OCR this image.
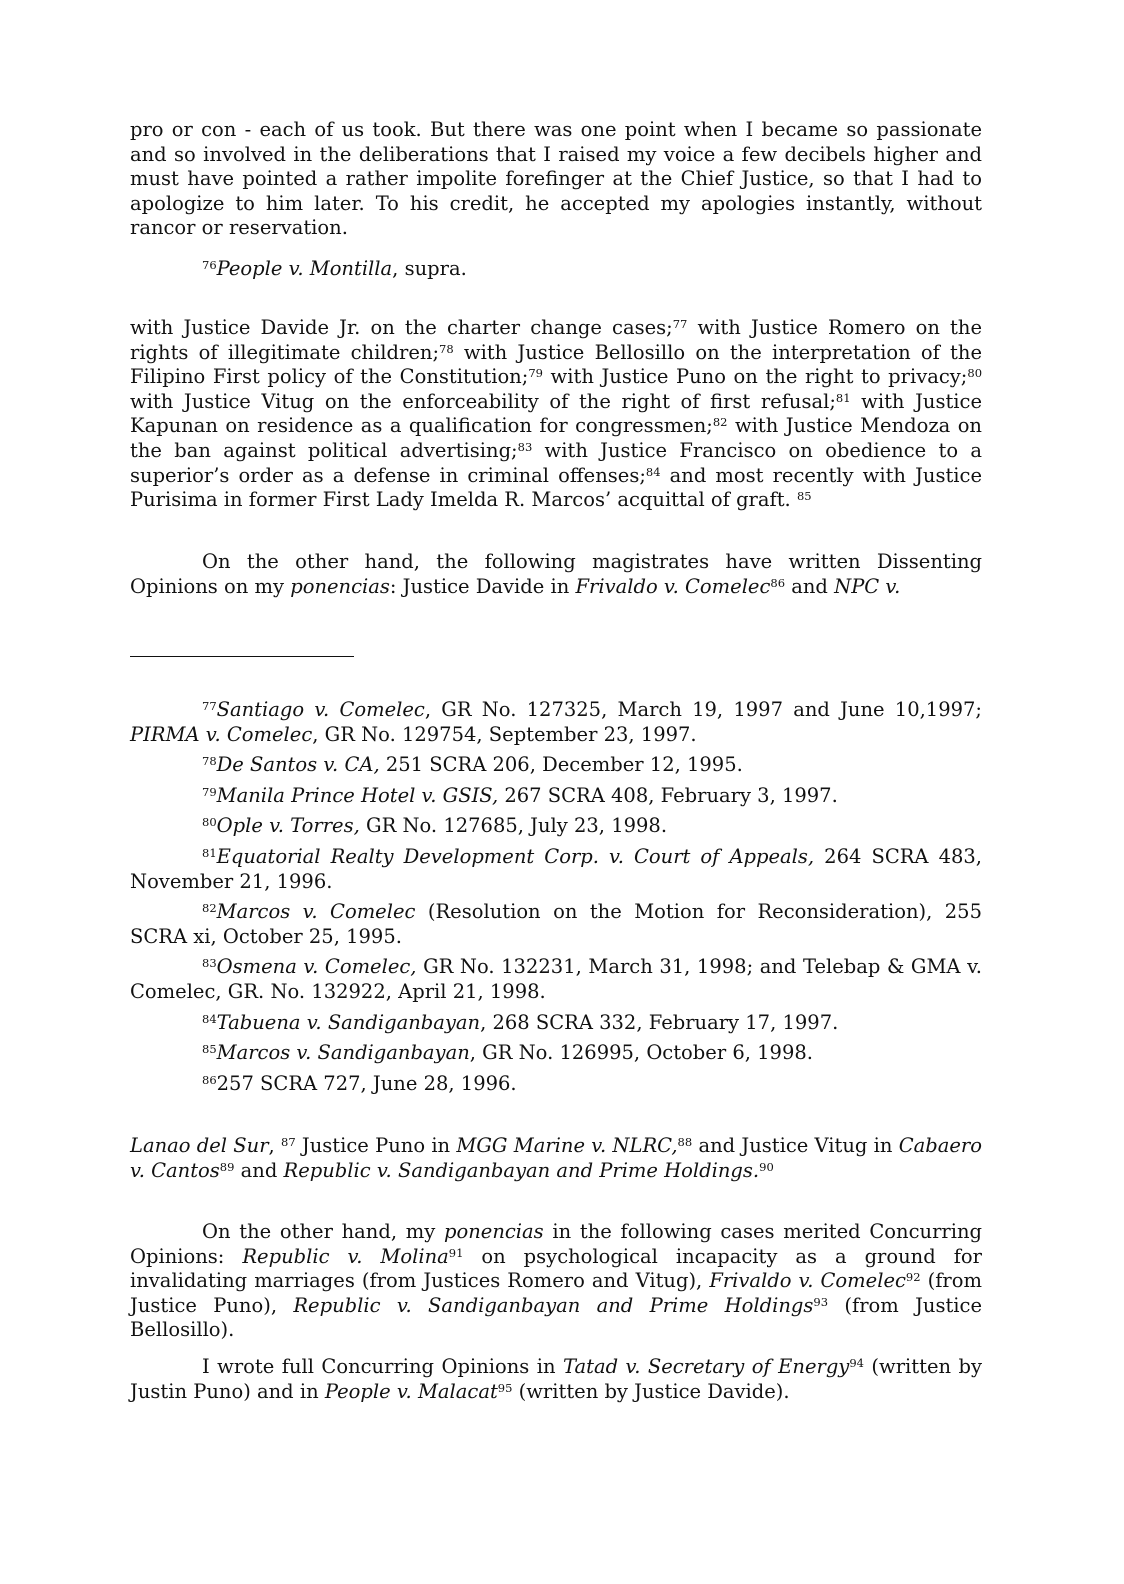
pro or con - each of us took. But there was one point when I became so passionate and so involved in the deliberations that I raised my voice a few decibels higher and must have pointed a rather impolite forefinger at the Chief Justice, so that I had to apologize to him later. To his credit, he accepted my apologies instantly, without rancor or reservation.

$^{76}$People v. Montilla, supra.

with Justice Davide Jr. on the charter change cases;$^{77}$ with Justice Romero on the rights of illegitimate children;$^{78}$ with Justice Bellosillo on the interpretation of the Filipino First policy of the Constitution;$^{79}$ with Justice Puno on the right to privacy;$^{80}$ with Justice Vitug on the enforceability of the right of first refusal;$^{81}$ with Justice Kapunan on residence as a qualification for congressmen;$^{82}$ with Justice Mendoza on the ban against political advertising;$^{83}$ with Justice Francisco on obedience to a superior’s order as a defense in criminal offenses;$^{84}$ and most recently with Justice Purisima in former First Lady Imelda R. Marcos’ acquittal of graft. $^{85}$

On the other hand, the following magistrates have written Dissenting Opinions on my ponencias: Justice Davide in Frivaldo v. Comelec$^{86}$ and NPC v.

$^{77}$Santiago v. Comelec, GR No. 127325, March 19, 1997 and June 10,1997; PIRMA v. Comelec, GR No. 129754, September 23, 1997.

$^{78}$De Santos v. CA, 251 SCRA 206, December 12, 1995.

$^{79}$Manila Prince Hotel v. GSIS, 267 SCRA 408, February 3, 1997.

$^{80}$Ople v. Torres, GR No. 127685, July 23, 1998.

$^{81}$Equatorial Realty Development Corp. v. Court of Appeals, 264 SCRA 483, November 21, 1996.

$^{82}$Marcos v. Comelec (Resolution on the Motion for Reconsideration), 255 SCRA xi, October 25, 1995.

$^{83}$Osmena v. Comelec, GR No. 132231, March 31, 1998; and Telebap & GMA v. Comelec, GR. No. 132922, April 21, 1998.

$^{84}$Tabuena v. Sandiganbayan, 268 SCRA 332, February 17, 1997.

$^{85}$Marcos v. Sandiganbayan, GR No. 126995, October 6, 1998.

$^{86}$257 SCRA 727, June 28, 1996.

Lanao del Sur, $^{87}$ Justice Puno in MGG Marine v. NLRC,$^{88}$ and Justice Vitug in Cabaero v. Cantos$^{89}$ and Republic v. Sandiganbayan and Prime Holdings.$^{90}$

On the other hand, my ponencias in the following cases merited Concurring Opinions: Republic v. Molina$^{91}$ on psychological incapacity as a ground for invalidating marriages (from Justices Romero and Vitug), Frivaldo v. Comelec$^{92}$ (from Justice Puno), Republic v. Sandiganbayan and Prime Holdings$^{93}$ (from Justice Bellosillo).

I wrote full Concurring Opinions in Tatad v. Secretary of Energy$^{94}$ (written by Justin Puno) and in People v. Malacat$^{95}$ (written by Justice Davide).
